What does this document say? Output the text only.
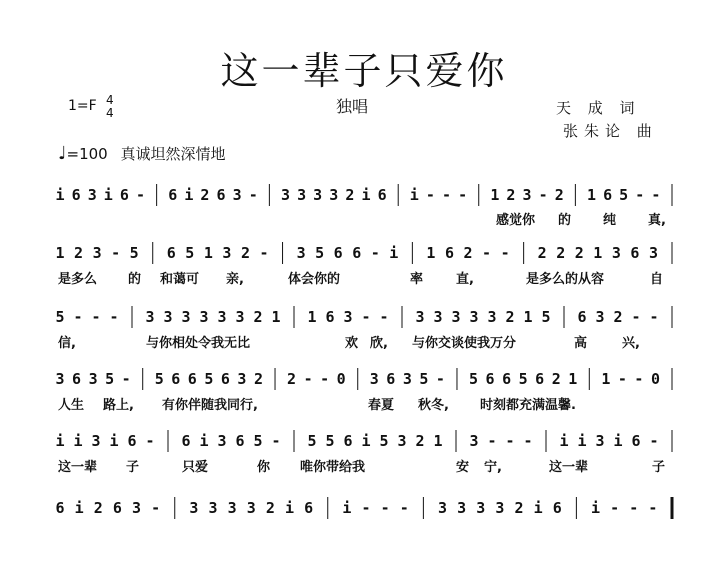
这一辈子只爱你
独唱
1=F 4
4
♩=100 真诚坦然深情地
天 成 词
张朱论 曲
i 6 3 i 6 - 6 i 2 6 3 - 3 3 3 3 2 i 6 i - - - 1 2 3 - 2 1 6 5 - -
感觉你 的 纯 真,
1 2 3 - 5 6 5 1 3 2 - 3 5 6 6 - i 1 6 2 - - 2 2 2 1 3 6 3
是多么 的 和蔼可 亲,	体会你的	率	直,	是多么的从容	自
5 - - - 3 3 3 3 3 3 2 1 1 6 3 - - 3 3 3 3 3 2 1 5 6 3 2 - -
信,	与你相处令我无比	欢 欣, 与你交谈使我万分	高	兴,
3 6 3 5 - 5 6 6 5 6 3 2 2 - - 0 3 6 3 5 - 5 6 6 5 6 2 1 1 - - 0
人生 路上, 有你伴随我同行,	春夏 秋冬, 时刻都充满温馨.
i i 3 i 6 - 6 i 3 6 5 - 5 5 6 i 5 3 2 1 3 - - - i i 3 i 6 -
这一辈 子	只爱	你 唯你带给我	安 宁,	这一辈	子
6 i 2 6 3 - 3 3 3 3 2 i 6 i - - - 3 3 3 3 2 i 6 i - - -
